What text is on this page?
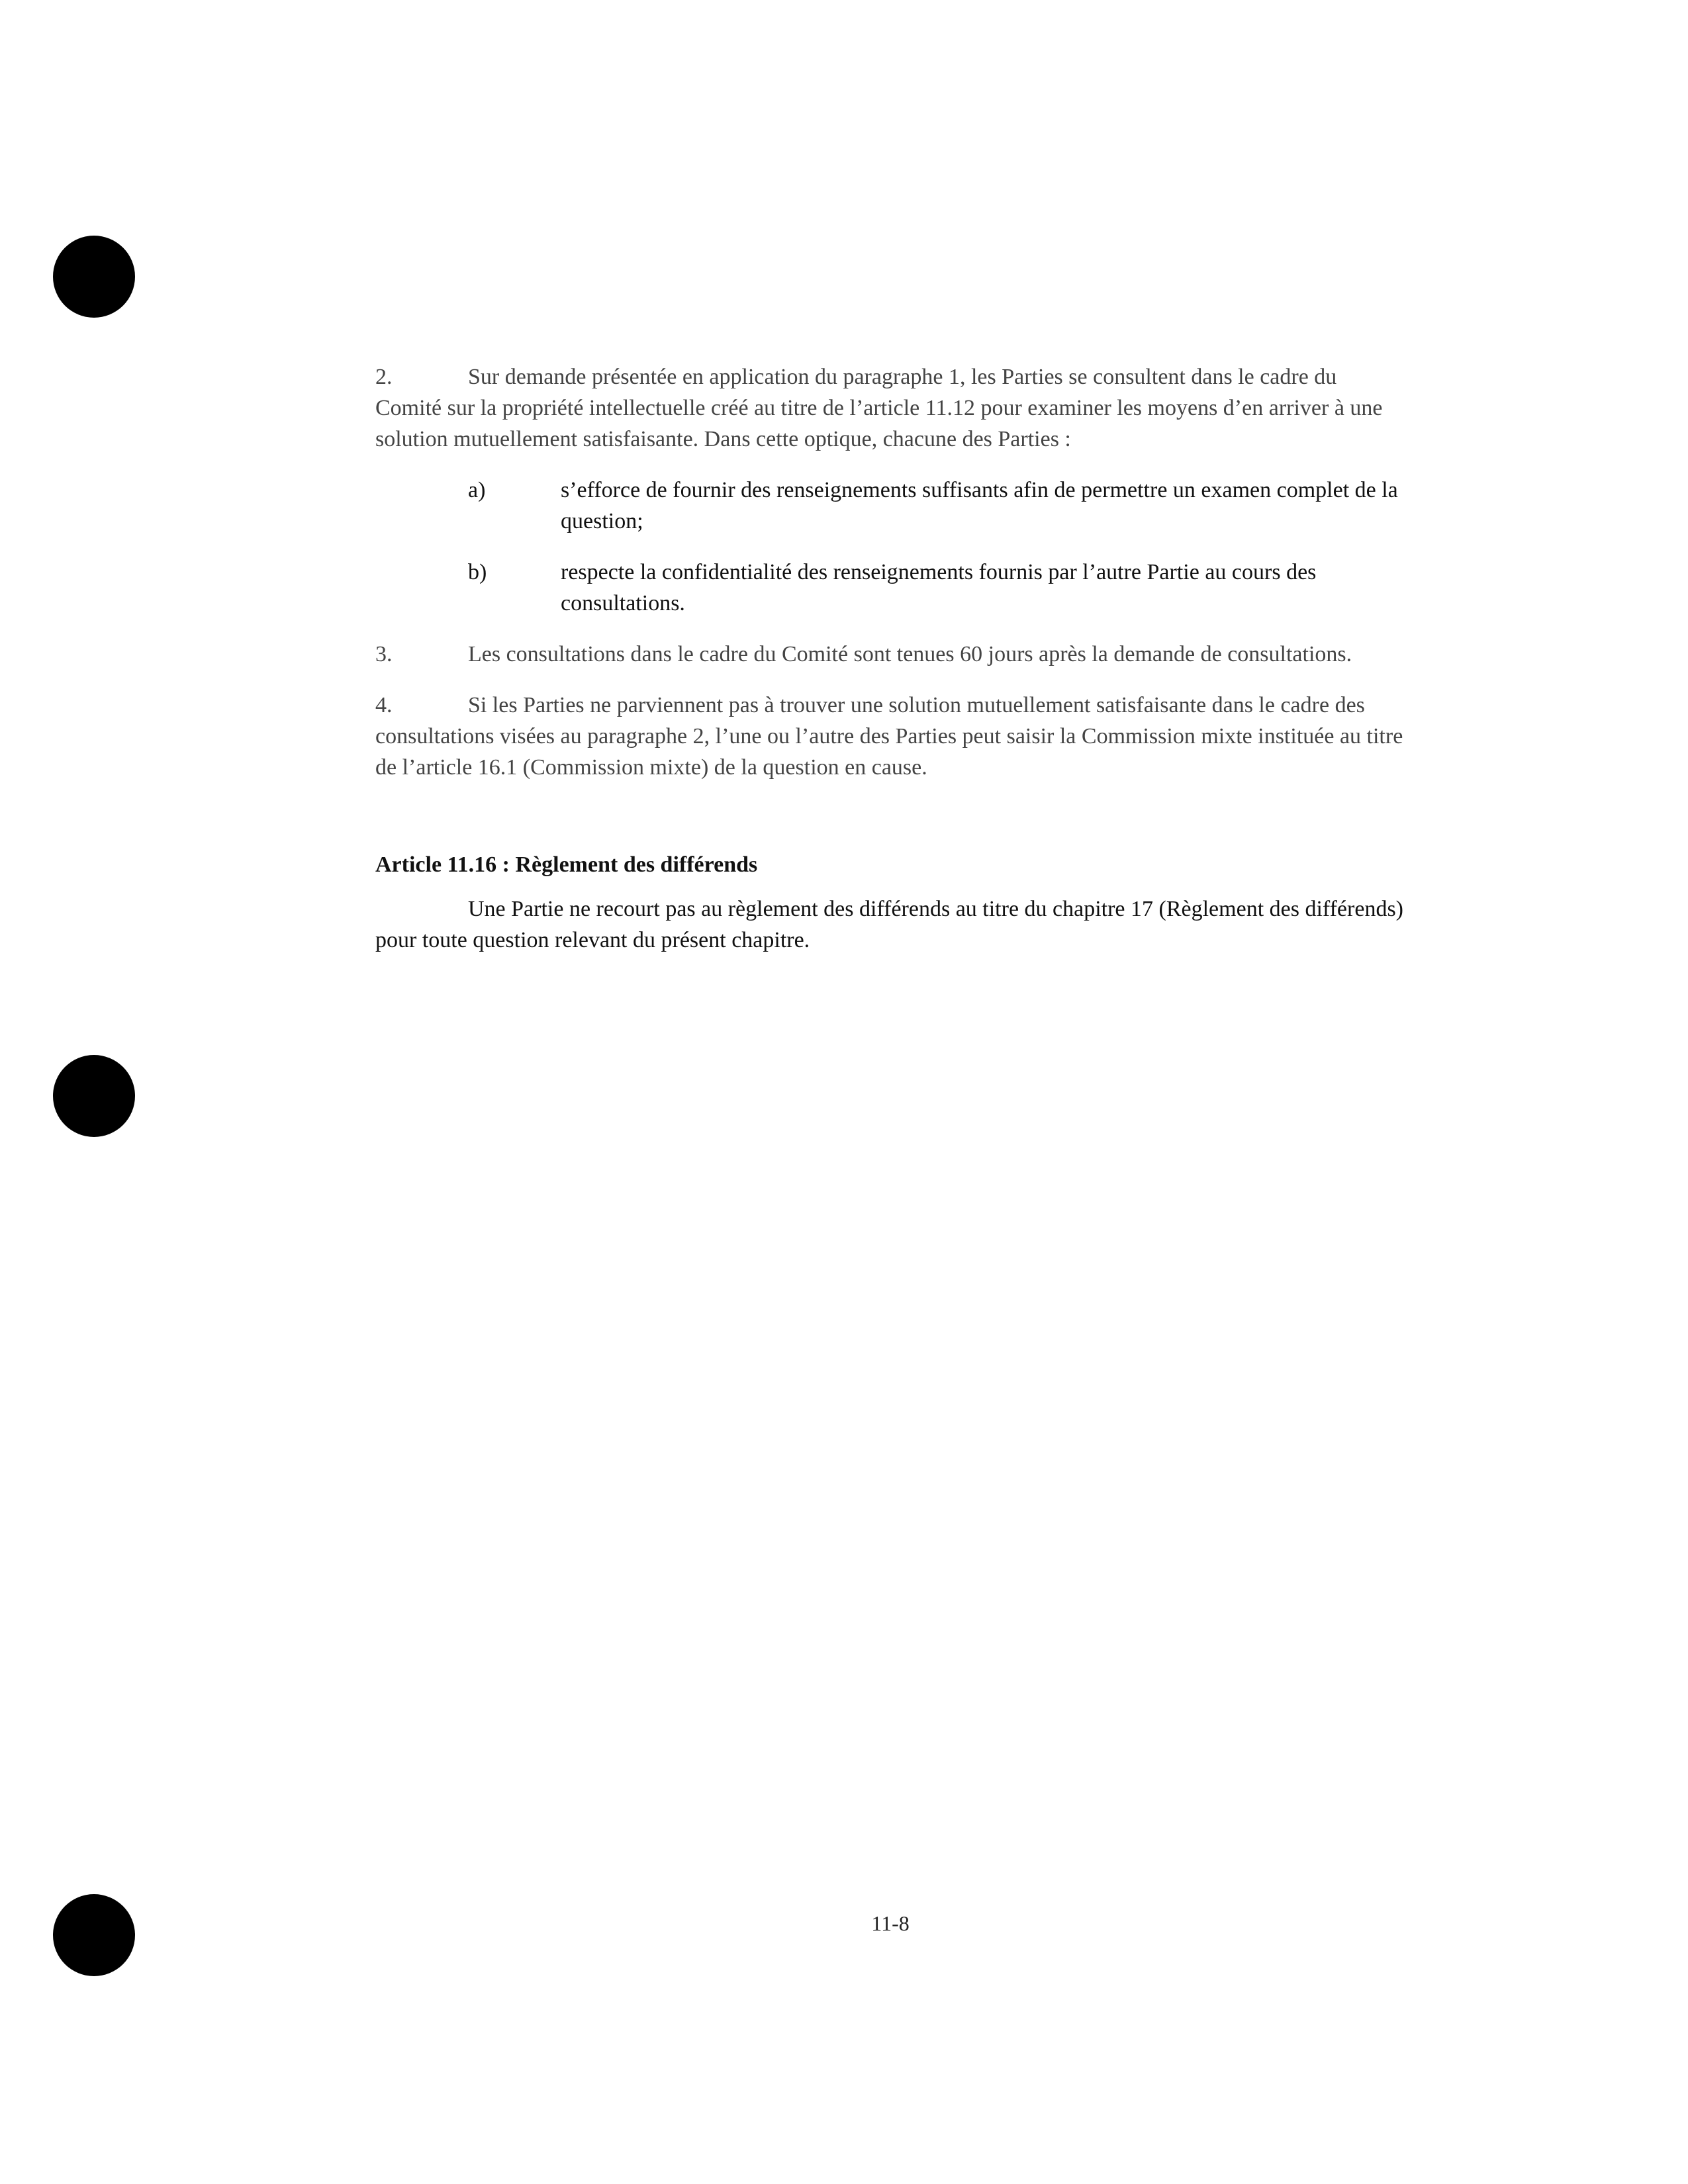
2.	Sur demande présentée en application du paragraphe 1, les Parties se consultent dans le cadre du Comité sur la propriété intellectuelle créé au titre de l’article 11.12 pour examiner les moyens d’en arriver à une solution mutuellement satisfaisante. Dans cette optique, chacune des Parties :

a)	s’efforce de fournir des renseignements suffisants afin de permettre un examen complet de la question;
b)	respecte la confidentialité des renseignements fournis par l’autre Partie au cours des consultations.

3.	Les consultations dans le cadre du Comité sont tenues 60 jours après la demande de consultations.

4.	Si les Parties ne parviennent pas à trouver une solution mutuellement satisfaisante dans le cadre des consultations visées au paragraphe 2, l’une ou l’autre des Parties peut saisir la Commission mixte instituée au titre de l’article 16.1 (Commission mixte) de la question en cause.

Article 11.16 : Règlement des différends

Une Partie ne recourt pas au règlement des différends au titre du chapitre 17 (Règlement des différends) pour toute question relevant du présent chapitre.

11-8
